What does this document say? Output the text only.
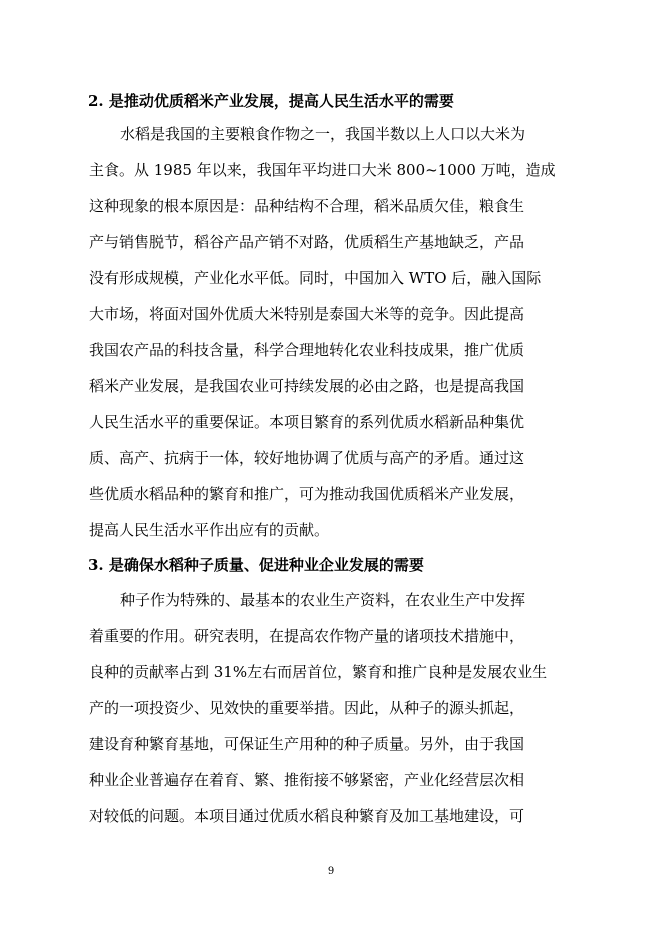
2. 是推动优质稻米产业发展，提高人民生活水平的需要
水稻是我国的主要粮食作物之一，我国半数以上人口以大米为
主食。从 1985 年以来，我国年平均进口大米 800~1000 万吨，造成
这种现象的根本原因是：品种结构不合理，稻米品质欠佳，粮食生
产与销售脱节，稻谷产品产销不对路，优质稻生产基地缺乏，产品
没有形成规模，产业化水平低。同时，中国加入 WTO 后，融入国际
大市场，将面对国外优质大米特别是泰国大米等的竞争。因此提高
我国农产品的科技含量，科学合理地转化农业科技成果，推广优质
稻米产业发展，是我国农业可持续发展的必由之路，也是提高我国
人民生活水平的重要保证。本项目繁育的系列优质水稻新品种集优
质、高产、抗病于一体，较好地协调了优质与高产的矛盾。通过这
些优质水稻品种的繁育和推广，可为推动我国优质稻米产业发展，
提高人民生活水平作出应有的贡献。
3. 是确保水稻种子质量、促进种业企业发展的需要
种子作为特殊的、最基本的农业生产资料，在农业生产中发挥
着重要的作用。研究表明，在提高农作物产量的诸项技术措施中，
良种的贡献率占到 31%左右而居首位，繁育和推广良种是发展农业生
产的一项投资少、见效快的重要举措。因此，从种子的源头抓起，
建设育种繁育基地，可保证生产用种的种子质量。另外，由于我国
种业企业普遍存在着育、繁、推衔接不够紧密，产业化经营层次相
对较低的问题。本项目通过优质水稻良种繁育及加工基地建设，可
9
